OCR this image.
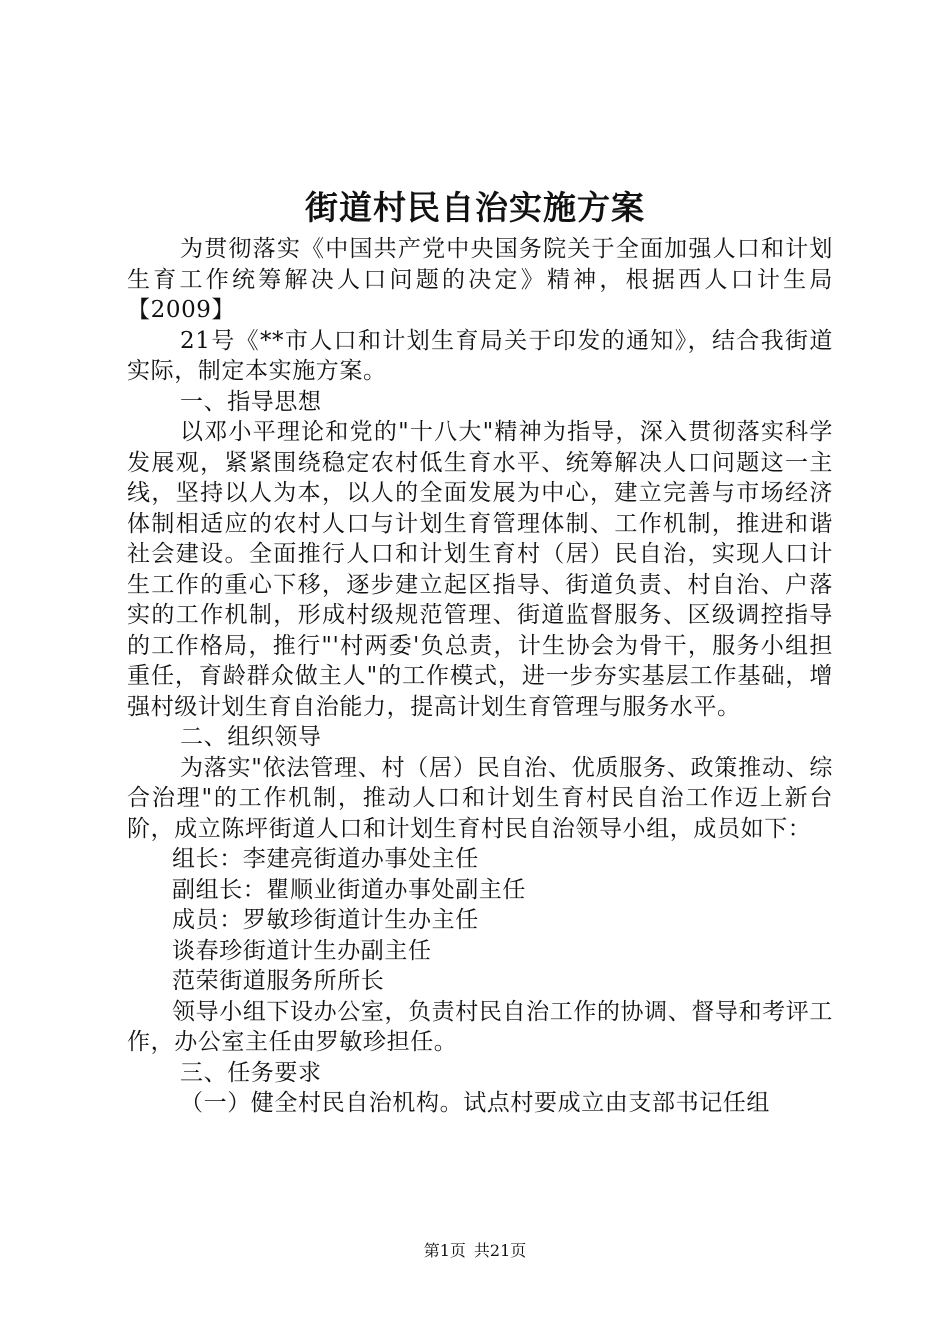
街道村民自治实施方案

为贯彻落实《中国共产党中央国务院关于全面加强人口和计划生育工作统筹解决人口问题的决定》精神，根据西人口计生局【2009】

21号《**市人口和计划生育局关于印发的通知》，结合我街道实际，制定本实施方案。

一、指导思想

以邓小平理论和党的"十八大"精神为指导，深入贯彻落实科学发展观，紧紧围绕稳定农村低生育水平、统筹解决人口问题这一主线，坚持以人为本，以人的全面发展为中心，建立完善与市场经济体制相适应的农村人口与计划生育管理体制、工作机制，推进和谐社会建设。全面推行人口和计划生育村（居）民自治，实现人口计生工作的重心下移，逐步建立起区指导、街道负责、村自治、户落实的工作机制，形成村级规范管理、街道监督服务、区级调控指导的工作格局，推行"'村两委'负总责，计生协会为骨干，服务小组担重任，育龄群众做主人"的工作模式，进一步夯实基层工作基础，增强村级计划生育自治能力，提高计划生育管理与服务水平。

二、组织领导

为落实"依法管理、村（居）民自治、优质服务、政策推动、综合治理"的工作机制，推动人口和计划生育村民自治工作迈上新台阶，成立陈坪街道人口和计划生育村民自治领导小组，成员如下：

组长：李建亮街道办事处主任

副组长：瞿顺业街道办事处副主任

成员：罗敏珍街道计生办主任

谈春珍街道计生办副主任

范荣街道服务所所长

领导小组下设办公室，负责村民自治工作的协调、督导和考评工作，办公室主任由罗敏珍担任。

三、任务要求

（一）健全村民自治机构。试点村要成立由支部书记任组

第1页 共21页
